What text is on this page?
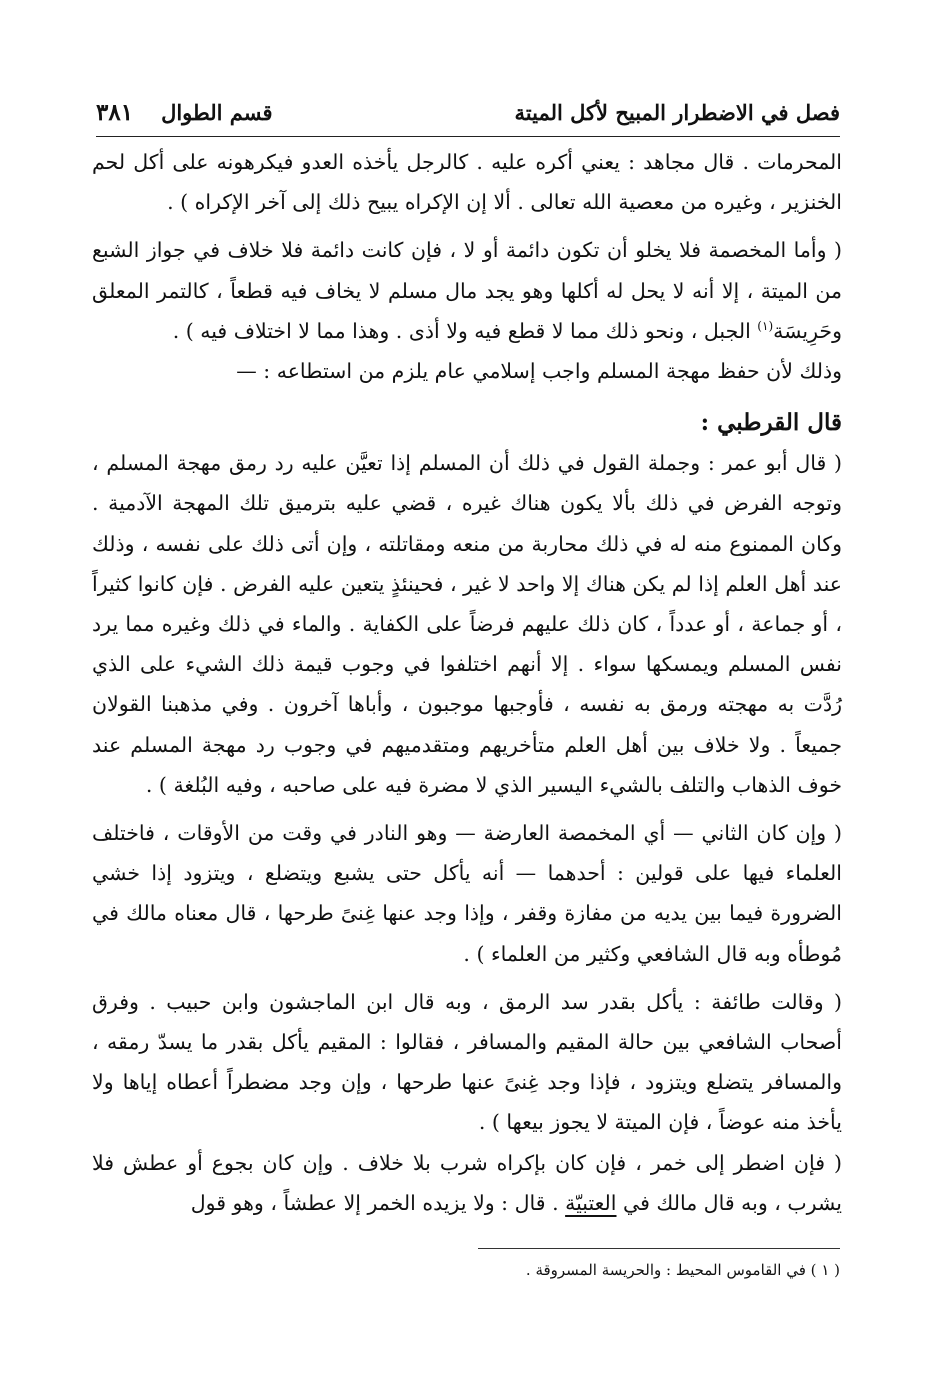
فصل في الاضطرار المبيح لأكل الميتة
قسم الطوال
٣٨١

المحرمات . قال مجاهد : يعني أكره عليه . كالرجل يأخذه العدو فيكرهونه على أكل لحم الخنزير ، وغيره من معصية الله تعالى . ألا إن الإكراه يبيح ذلك إلى آخر الإكراه ) .

( وأما المخصمة فلا يخلو أن تكون دائمة أو لا ، فإن كانت دائمة فلا خلاف في جواز الشبع من الميتة ، إلا أنه لا يحل له أكلها وهو يجد مال مسلم لا يخاف فيه قطعاً ، كالتمر المعلق وحَرِيسَة$^{(١)}$ الجبل ، ونحو ذلك مما لا قطع فيه ولا أذى . وهذا مما لا اختلاف فيه ) .

وذلك لأن حفظ مهجة المسلم واجب إسلامي عام يلزم من استطاعه : —

قال القرطبي :

( قال أبو عمر : وجملة القول في ذلك أن المسلم إذا تعيَّن عليه رد رمق مهجة المسلم ، وتوجه الفرض في ذلك بألا يكون هناك غيره ، قضي عليه بترميق تلك المهجة الآدمية . وكان الممنوع منه له في ذلك محاربة من منعه ومقاتلته ، وإن أتى ذلك على نفسه ، وذلك عند أهل العلم إذا لم يكن هناك إلا واحد لا غير ، فحينئذٍ يتعين عليه الفرض . فإن كانوا كثيراً ، أو جماعة ، أو عدداً ، كان ذلك عليهم فرضاً على الكفاية . والماء في ذلك وغيره مما يرد نفس المسلم ويمسكها سواء . إلا أنهم اختلفوا في وجوب قيمة ذلك الشيء على الذي رُدَّت به مهجته ورمق به نفسه ، فأوجبها موجبون ، وأباها آخرون . وفي مذهبنا القولان جميعاً . ولا خلاف بين أهل العلم متأخريهم ومتقدميهم في وجوب رد مهجة المسلم عند خوف الذهاب والتلف بالشيء اليسير الذي لا مضرة فيه على صاحبه ، وفيه البُلغة ) .

( وإن كان الثاني — أي المخمصة العارضة — وهو النادر في وقت من الأوقات ، فاختلف العلماء فيها على قولين : أحدهما — أنه يأكل حتى يشبع ويتضلع ، ويتزود إذا خشي الضرورة فيما بين يديه من مفازة وقفر ، وإذا وجد عنها غِنىً طرحها ، قال معناه مالك في مُوطأه وبه قال الشافعي وكثير من العلماء ) .

( وقالت طائفة : يأكل بقدر سد الرمق ، وبه قال ابن الماجشون وابن حبيب . وفرق أصحاب الشافعي بين حالة المقيم والمسافر ، فقالوا : المقيم يأكل بقدر ما يسدّ رمقه ، والمسافر يتضلع ويتزود ، فإذا وجد غِنىً عنها طرحها ، وإن وجد مضطراً أعطاه إياها ولا يأخذ منه عوضاً ، فإن الميتة لا يجوز بيعها ) .

( فإن اضطر إلى خمر ، فإن كان بإكراه شرب بلا خلاف . وإن كان بجوع أو عطش فلا يشرب ، وبه قال مالك في العتبيّة . قال : ولا يزيده الخمر إلا عطشاً ، وهو قول

( ١ ) في القاموس المحيط : والحريسة المسروقة .
